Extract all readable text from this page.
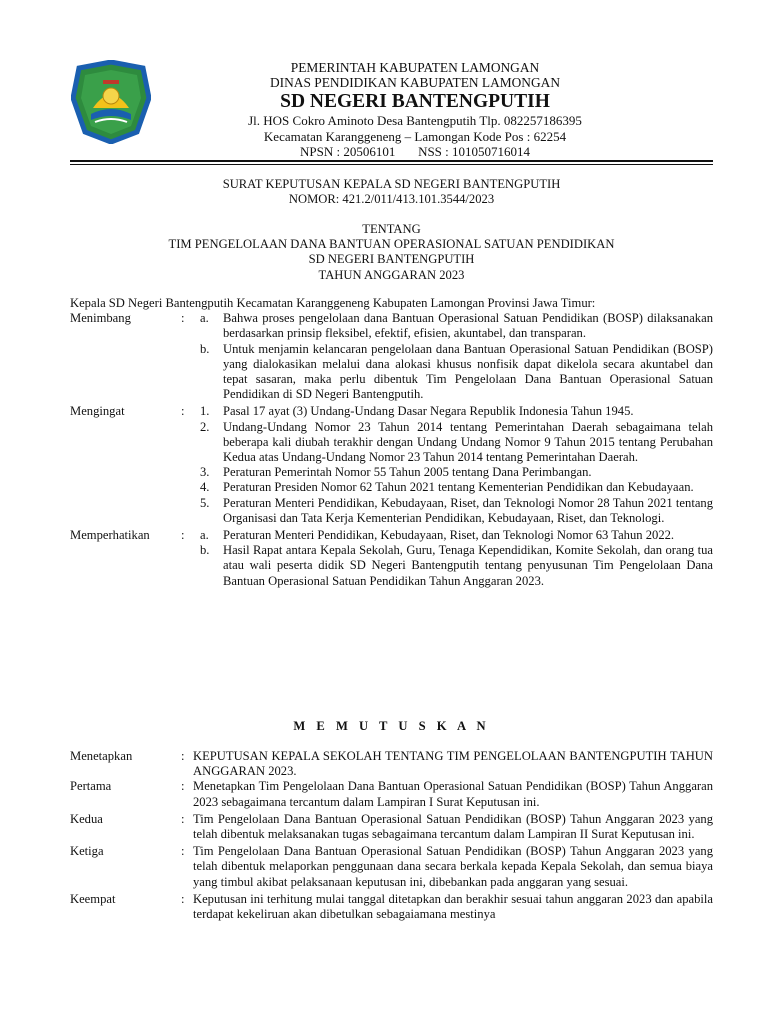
PEMERINTAH KABUPATEN LAMONGAN
DINAS PENDIDIKAN KABUPATEN LAMONGAN
SD NEGERI BANTENGPUTIH
Jl. HOS Cokro Aminoto Desa Bantengputih Tlp. 082257186395
Kecamatan Karanggeneng – Lamongan Kode Pos : 62254
NPSN : 20506101       NSS : 101050716014
SURAT KEPUTUSAN KEPALA SD NEGERI BANTENGPUTIH
NOMOR: 421.2/011/413.101.3544/2023
TENTANG
TIM PENGELOLAAN DANA BANTUAN OPERASIONAL SATUAN PENDIDIKAN
SD NEGERI BANTENGPUTIH
TAHUN ANGGARAN 2023
Kepala SD Negeri Bantengputih Kecamatan Karanggeneng Kabupaten Lamongan Provinsi Jawa Timur:
Menimbang	: a. Bahwa proses pengelolaan dana Bantuan Operasional Satuan Pendidikan (BOSP) dilaksanakan berdasarkan prinsip fleksibel, efektif, efisien, akuntabel, dan transparan.
b. Untuk menjamin kelancaran pengelolaan dana Bantuan Operasional Satuan Pendidikan (BOSP) yang dialokasikan melalui dana alokasi khusus nonfisik dapat dikelola secara akuntabel dan tepat sasaran, maka perlu dibentuk Tim Pengelolaan Dana Bantuan Operasional Satuan Pendidikan di SD Negeri Bantengputih.
Mengingat	: 1. Pasal 17 ayat (3) Undang-Undang Dasar Negara Republik Indonesia Tahun 1945.
2. Undang-Undang Nomor 23 Tahun 2014 tentang Pemerintahan Daerah sebagaimana telah beberapa kali diubah terakhir dengan Undang Undang Nomor 9 Tahun 2015 tentang Perubahan Kedua atas Undang-Undang Nomor 23 Tahun 2014 tentang Pemerintahan Daerah.
3. Peraturan Pemerintah Nomor 55 Tahun 2005 tentang Dana Perimbangan.
4. Peraturan Presiden Nomor 62 Tahun 2021 tentang Kementerian Pendidikan dan Kebudayaan.
5. Peraturan Menteri Pendidikan, Kebudayaan, Riset, dan Teknologi Nomor 28 Tahun 2021 tentang Organisasi dan Tata Kerja Kementerian Pendidikan, Kebudayaan, Riset, dan Teknologi.
Memperhatikan : a. Peraturan Menteri Pendidikan, Kebudayaan, Riset, dan Teknologi Nomor 63 Tahun 2022.
b. Hasil Rapat antara Kepala Sekolah, Guru, Tenaga Kependidikan, Komite Sekolah, dan orang tua atau wali peserta didik SD Negeri Bantengputih tentang penyusunan Tim Pengelolaan Dana Bantuan Operasional Satuan Pendidikan Tahun Anggaran 2023.
M E M U T U S K A N
Menetapkan	: KEPUTUSAN KEPALA SEKOLAH TENTANG TIM PENGELOLAAN BANTENGPUTIH TAHUN ANGGARAN 2023.
Pertama	: Menetapkan Tim Pengelolaan Dana Bantuan Operasional Satuan Pendidikan (BOSP) Tahun Anggaran 2023 sebagaimana tercantum dalam Lampiran I Surat Keputusan ini.
Kedua	: Tim Pengelolaan Dana Bantuan Operasional Satuan Pendidikan (BOSP) Tahun Anggaran 2023 yang telah dibentuk melaksanakan tugas sebagaimana tercantum dalam Lampiran II Surat Keputusan ini.
Ketiga	: Tim Pengelolaan Dana Bantuan Operasional Satuan Pendidikan (BOSP) Tahun Anggaran 2023 yang telah dibentuk melaporkan penggunaan dana secara berkala kepada Kepala Sekolah, dan semua biaya yang timbul akibat pelaksanaan keputusan ini, dibebankan pada anggaran yang sesuai.
Keempat	: Keputusan ini terhitung mulai tanggal ditetapkan dan berakhir sesuai tahun anggaran 2023 dan apabila terdapat kekeliruan akan dibetulkan sebagaiamana mestinya
